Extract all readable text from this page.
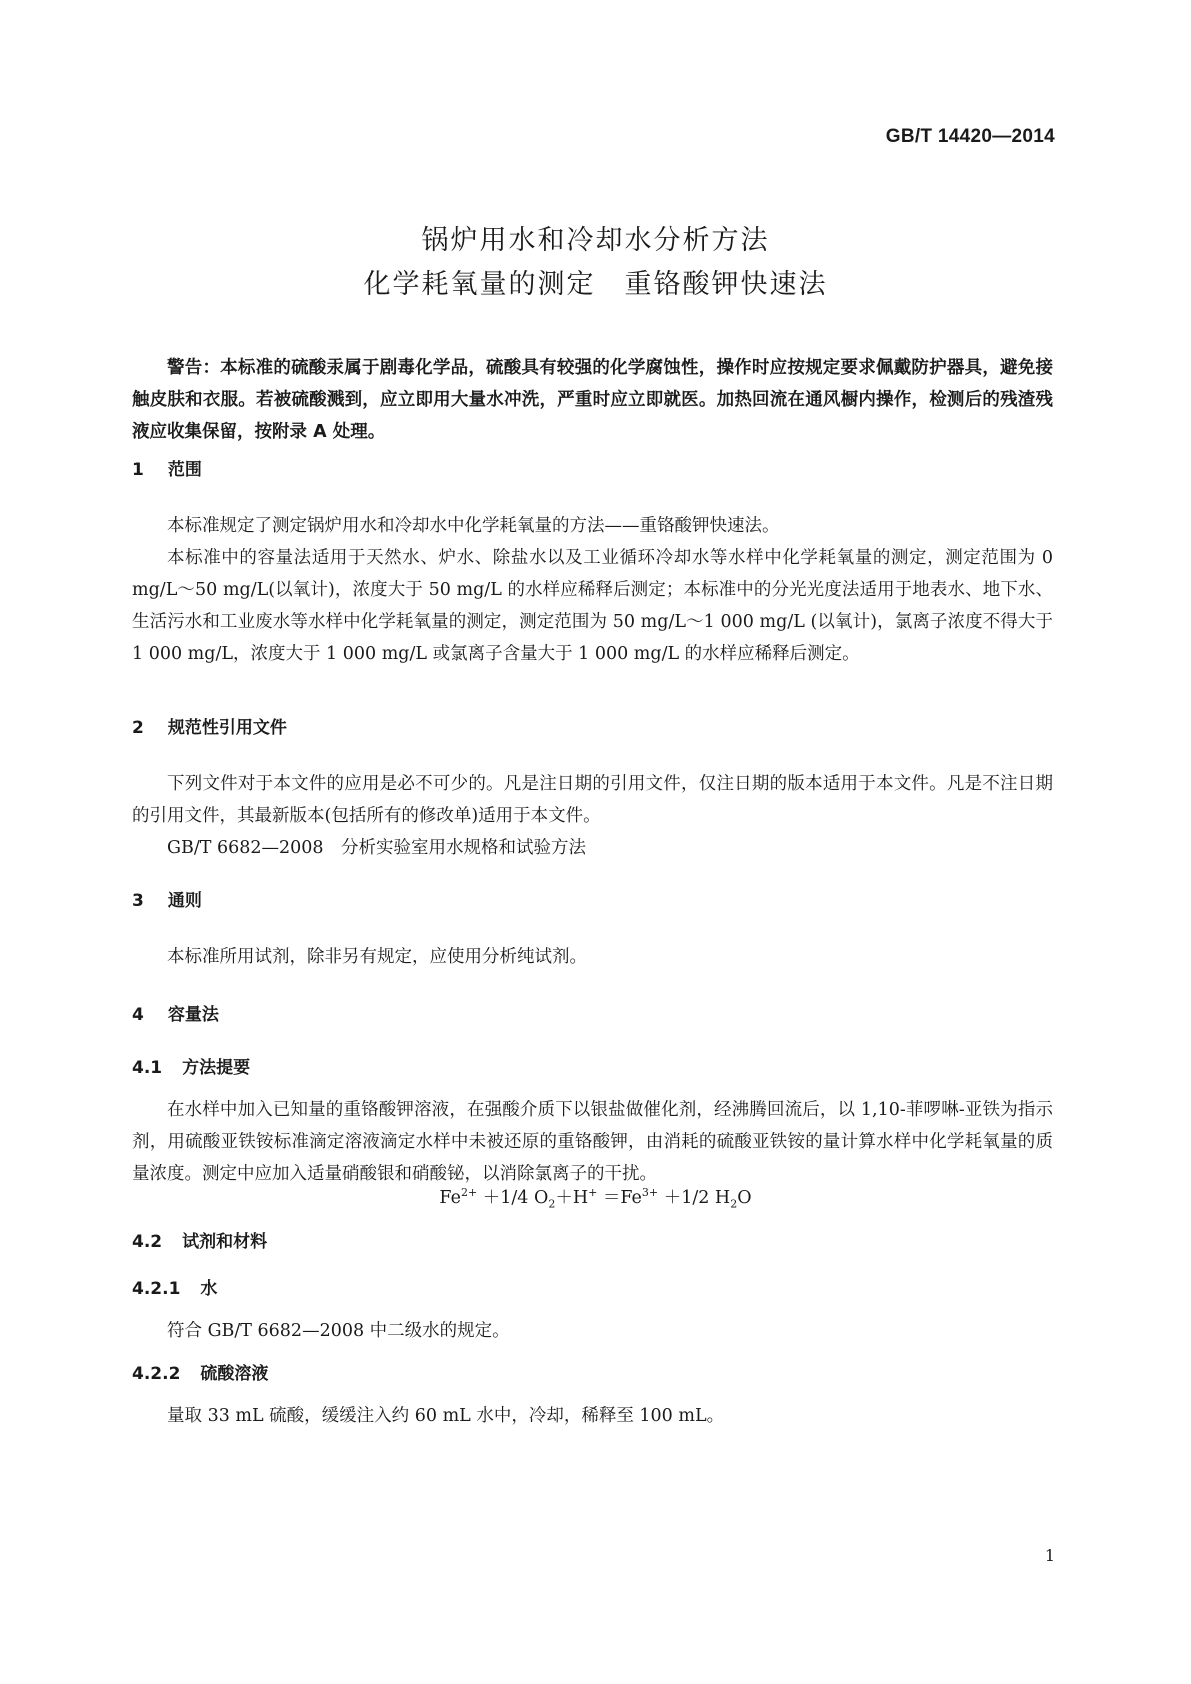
GB/T 14420—2014
锅炉用水和冷却水分析方法
化学耗氧量的测定　重铬酸钾快速法
警告：本标准的硫酸汞属于剧毒化学品，硫酸具有较强的化学腐蚀性，操作时应按规定要求佩戴防护器具，避免接触皮肤和衣服。若被硫酸溅到，应立即用大量水冲洗，严重时应立即就医。加热回流在通风橱内操作，检测后的残渣残液应收集保留，按附录 A 处理。
1 范围
本标准规定了测定锅炉用水和冷却水中化学耗氧量的方法——重铬酸钾快速法。
本标准中的容量法适用于天然水、炉水、除盐水以及工业循环冷却水等水样中化学耗氧量的测定，测定范围为 0 mg/L～50 mg/L(以氧计)，浓度大于 50 mg/L 的水样应稀释后测定；本标准中的分光光度法适用于地表水、地下水、生活污水和工业废水等水样中化学耗氧量的测定，测定范围为 50 mg/L～1 000 mg/L (以氧计)，氯离子浓度不得大于 1 000 mg/L，浓度大于 1 000 mg/L 或氯离子含量大于 1 000 mg/L 的水样应稀释后测定。
2 规范性引用文件
下列文件对于本文件的应用是必不可少的。凡是注日期的引用文件，仅注日期的版本适用于本文件。凡是不注日期的引用文件，其最新版本(包括所有的修改单)适用于本文件。
GB/T 6682—2008　分析实验室用水规格和试验方法
3 通则
本标准所用试剂，除非另有规定，应使用分析纯试剂。
4 容量法
4.1 方法提要
在水样中加入已知量的重铬酸钾溶液，在强酸介质下以银盐做催化剂，经沸腾回流后，以 1,10-菲啰啉-亚铁为指示剂，用硫酸亚铁铵标准滴定溶液滴定水样中未被还原的重铬酸钾，由消耗的硫酸亚铁铵的量计算水样中化学耗氧量的质量浓度。测定中应加入适量硝酸银和硝酸铋，以消除氯离子的干扰。
$Fe^{2+} +1/4$ $O_2+H^+ =Fe^{3+} +1/2$ $H_2O$
4.2 试剂和材料
4.2.1 水
符合 GB/T 6682—2008 中二级水的规定。
4.2.2 硫酸溶液
量取 33 mL 硫酸，缓缓注入约 60 mL 水中，冷却，稀释至 100 mL。
1
